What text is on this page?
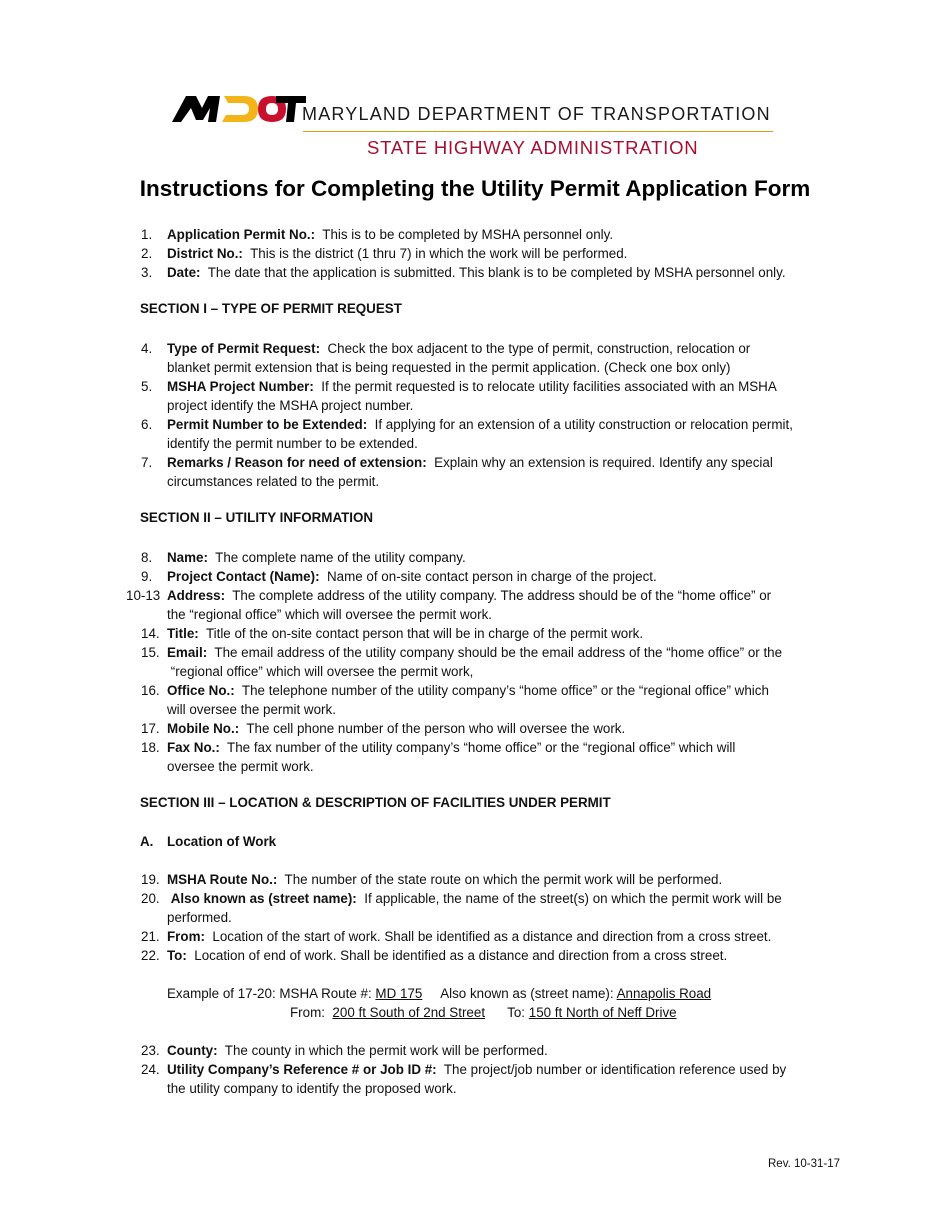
MARYLAND DEPARTMENT OF TRANSPORTATION
STATE HIGHWAY ADMINISTRATION
Instructions for Completing the Utility Permit Application Form
1. Application Permit No.: This is to be completed by MSHA personnel only.
2. District No.: This is the district (1 thru 7) in which the work will be performed.
3. Date: The date that the application is submitted. This blank is to be completed by MSHA personnel only.
SECTION I – TYPE OF PERMIT REQUEST
4. Type of Permit Request: Check the box adjacent to the type of permit, construction, relocation or
blanket permit extension that is being requested in the permit application. (Check one box only)
5. MSHA Project Number: If the permit requested is to relocate utility facilities associated with an MSHA
project identify the MSHA project number.
6. Permit Number to be Extended: If applying for an extension of a utility construction or relocation permit,
identify the permit number to be extended.
7. Remarks / Reason for need of extension: Explain why an extension is required. Identify any special
circumstances related to the permit.
SECTION II – UTILITY INFORMATION
8. Name: The complete name of the utility company.
9. Project Contact (Name): Name of on-site contact person in charge of the project.
10-13 Address: The complete address of the utility company. The address should be of the “home office” or
the “regional office” which will oversee the permit work.
14. Title: Title of the on-site contact person that will be in charge of the permit work.
15. Email: The email address of the utility company should be the email address of the “home office” or the
“regional office” which will oversee the permit work,
16. Office No.: The telephone number of the utility company’s “home office” or the “regional office” which
will oversee the permit work.
17. Mobile No.: The cell phone number of the person who will oversee the work.
18. Fax No.: The fax number of the utility company’s “home office” or the “regional office” which will
oversee the permit work.
SECTION III – LOCATION & DESCRIPTION OF FACILITIES UNDER PERMIT
A. Location of Work
19. MSHA Route No.: The number of the state route on which the permit work will be performed.
20. Also known as (street name): If applicable, the name of the street(s) on which the permit work will be
performed.
21. From: Location of the start of work. Shall be identified as a distance and direction from a cross street.
22. To: Location of end of work. Shall be identified as a distance and direction from a cross street.
Example of 17-20: MSHA Route #: MD 175 Also known as (street name): Annapolis Road
From: 200 ft South of 2nd Street To: 150 ft North of Neff Drive
23. County: The county in which the permit work will be performed.
24. Utility Company’s Reference # or Job ID #: The project/job number or identification reference used by
the utility company to identify the proposed work.
Rev. 10-31-17
